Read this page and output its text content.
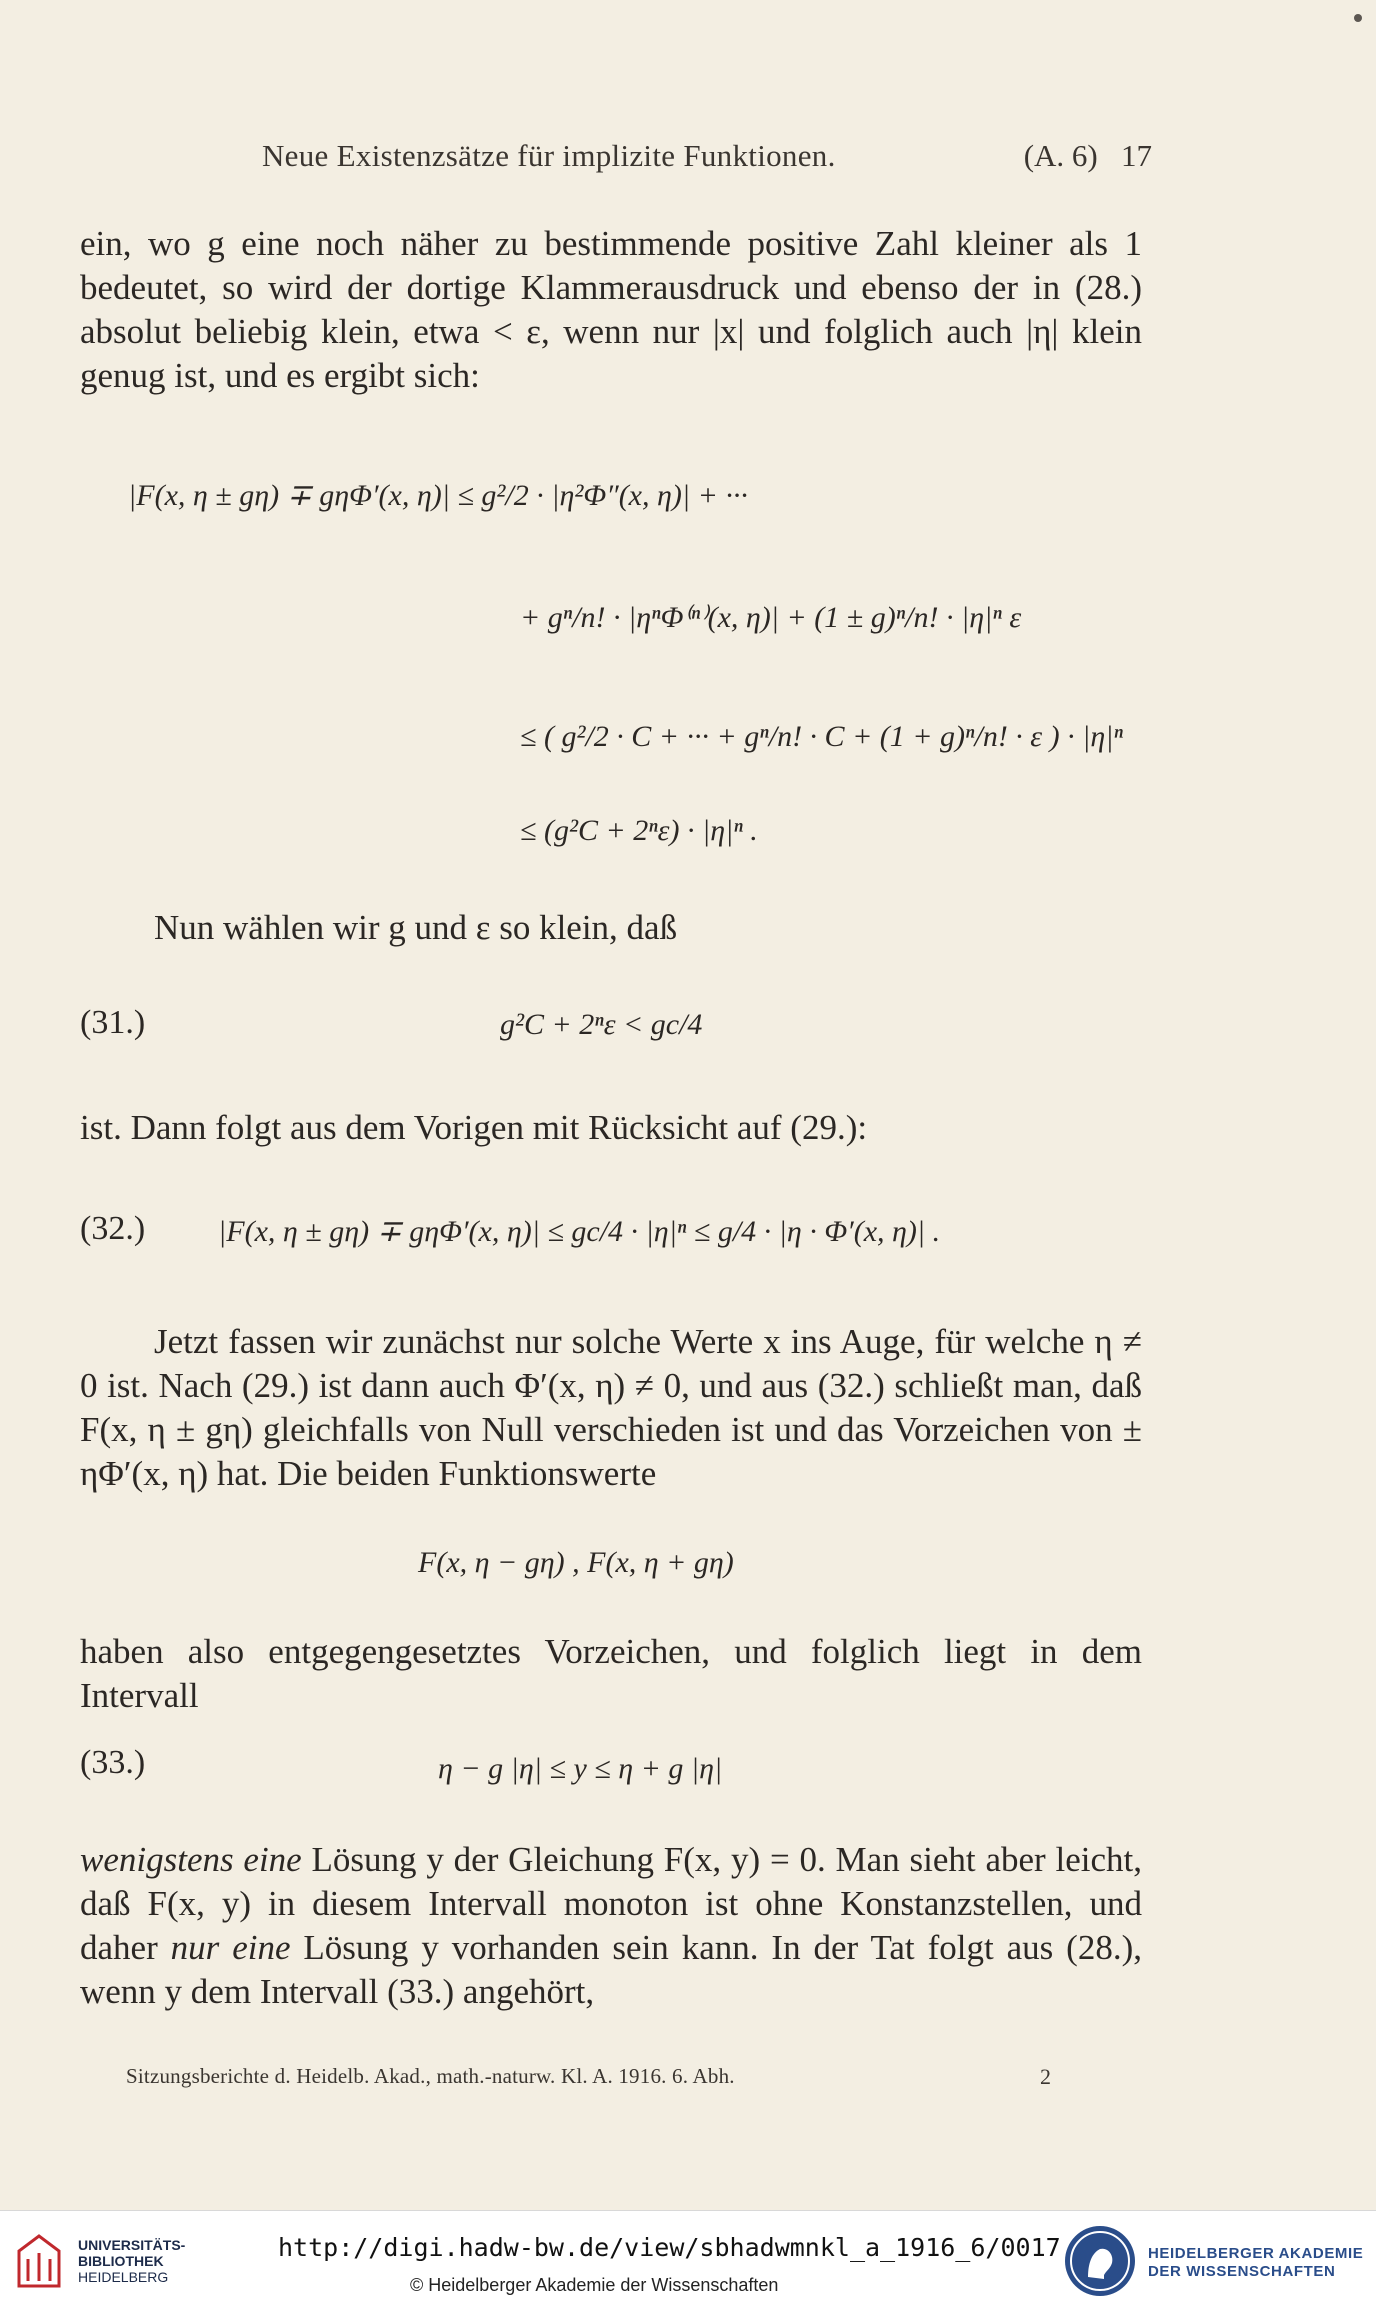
Neue Existenzsätze für implizite Funktionen.	(A. 6) 17
ein, wo g eine noch näher zu bestimmende positive Zahl kleiner als 1 bedeutet, so wird der dortige Klammerausdruck und ebenso der in (28.) absolut beliebig klein, etwa < ε, wenn nur |x| und folglich auch |η| klein genug ist, und es ergibt sich:
|F(x, η ± gη) ∓ gηΦ′(x, η)| ≤ g²/2 · |η²Φ″(x, η)| + ···
+ gⁿ/n! · |ηⁿΦ⁽ⁿ⁾(x, η)| + (1 ± g)ⁿ/n! · |η|ⁿ ε
≤ ( g²/2 · C + ··· + gⁿ/n! · C + (1 + g)ⁿ/n! · ε ) · |η|ⁿ
≤ (g²C + 2ⁿε) · |η|ⁿ .
Nun wählen wir g und ε so klein, daß
(31.)	g²C + 2ⁿε < gc/4
ist. Dann folgt aus dem Vorigen mit Rücksicht auf (29.):
(32.) |F(x, η ± gη) ∓ gηΦ′(x, η)| ≤ gc/4 · |η|ⁿ ≤ g/4 · |η · Φ′(x, η)| .
Jetzt fassen wir zunächst nur solche Werte x ins Auge, für welche η ≠ 0 ist. Nach (29.) ist dann auch Φ′(x, η) ≠ 0, und aus (32.) schließt man, daß F(x, η ± gη) gleichfalls von Null verschieden ist und das Vorzeichen von ± ηΦ′(x, η) hat. Die beiden Funktionswerte
F(x, η − gη) , F(x, η + gη)
haben also entgegengesetztes Vorzeichen, und folglich liegt in dem Intervall
(33.)	η − g |η| ≤ y ≤ η + g |η|
wenigstens eine Lösung y der Gleichung F(x, y) = 0. Man sieht aber leicht, daß F(x, y) in diesem Intervall monoton ist ohne Konstanzstellen, und daher nur eine Lösung y vorhanden sein kann. In der Tat folgt aus (28.), wenn y dem Intervall (33.) angehört,
Sitzungsberichte d. Heidelb. Akad., math.-naturw. Kl. A. 1916. 6. Abh.	2
UNIVERSITÄTS-
BIBLIOTHEK
HEIDELBERG
http://digi.hadw-bw.de/view/sbhadwmnkl_a_1916_6/0017
© Heidelberger Akademie der Wissenschaften
HEIDELBERGER AKADEMIE
DER WISSENSCHAFTEN
